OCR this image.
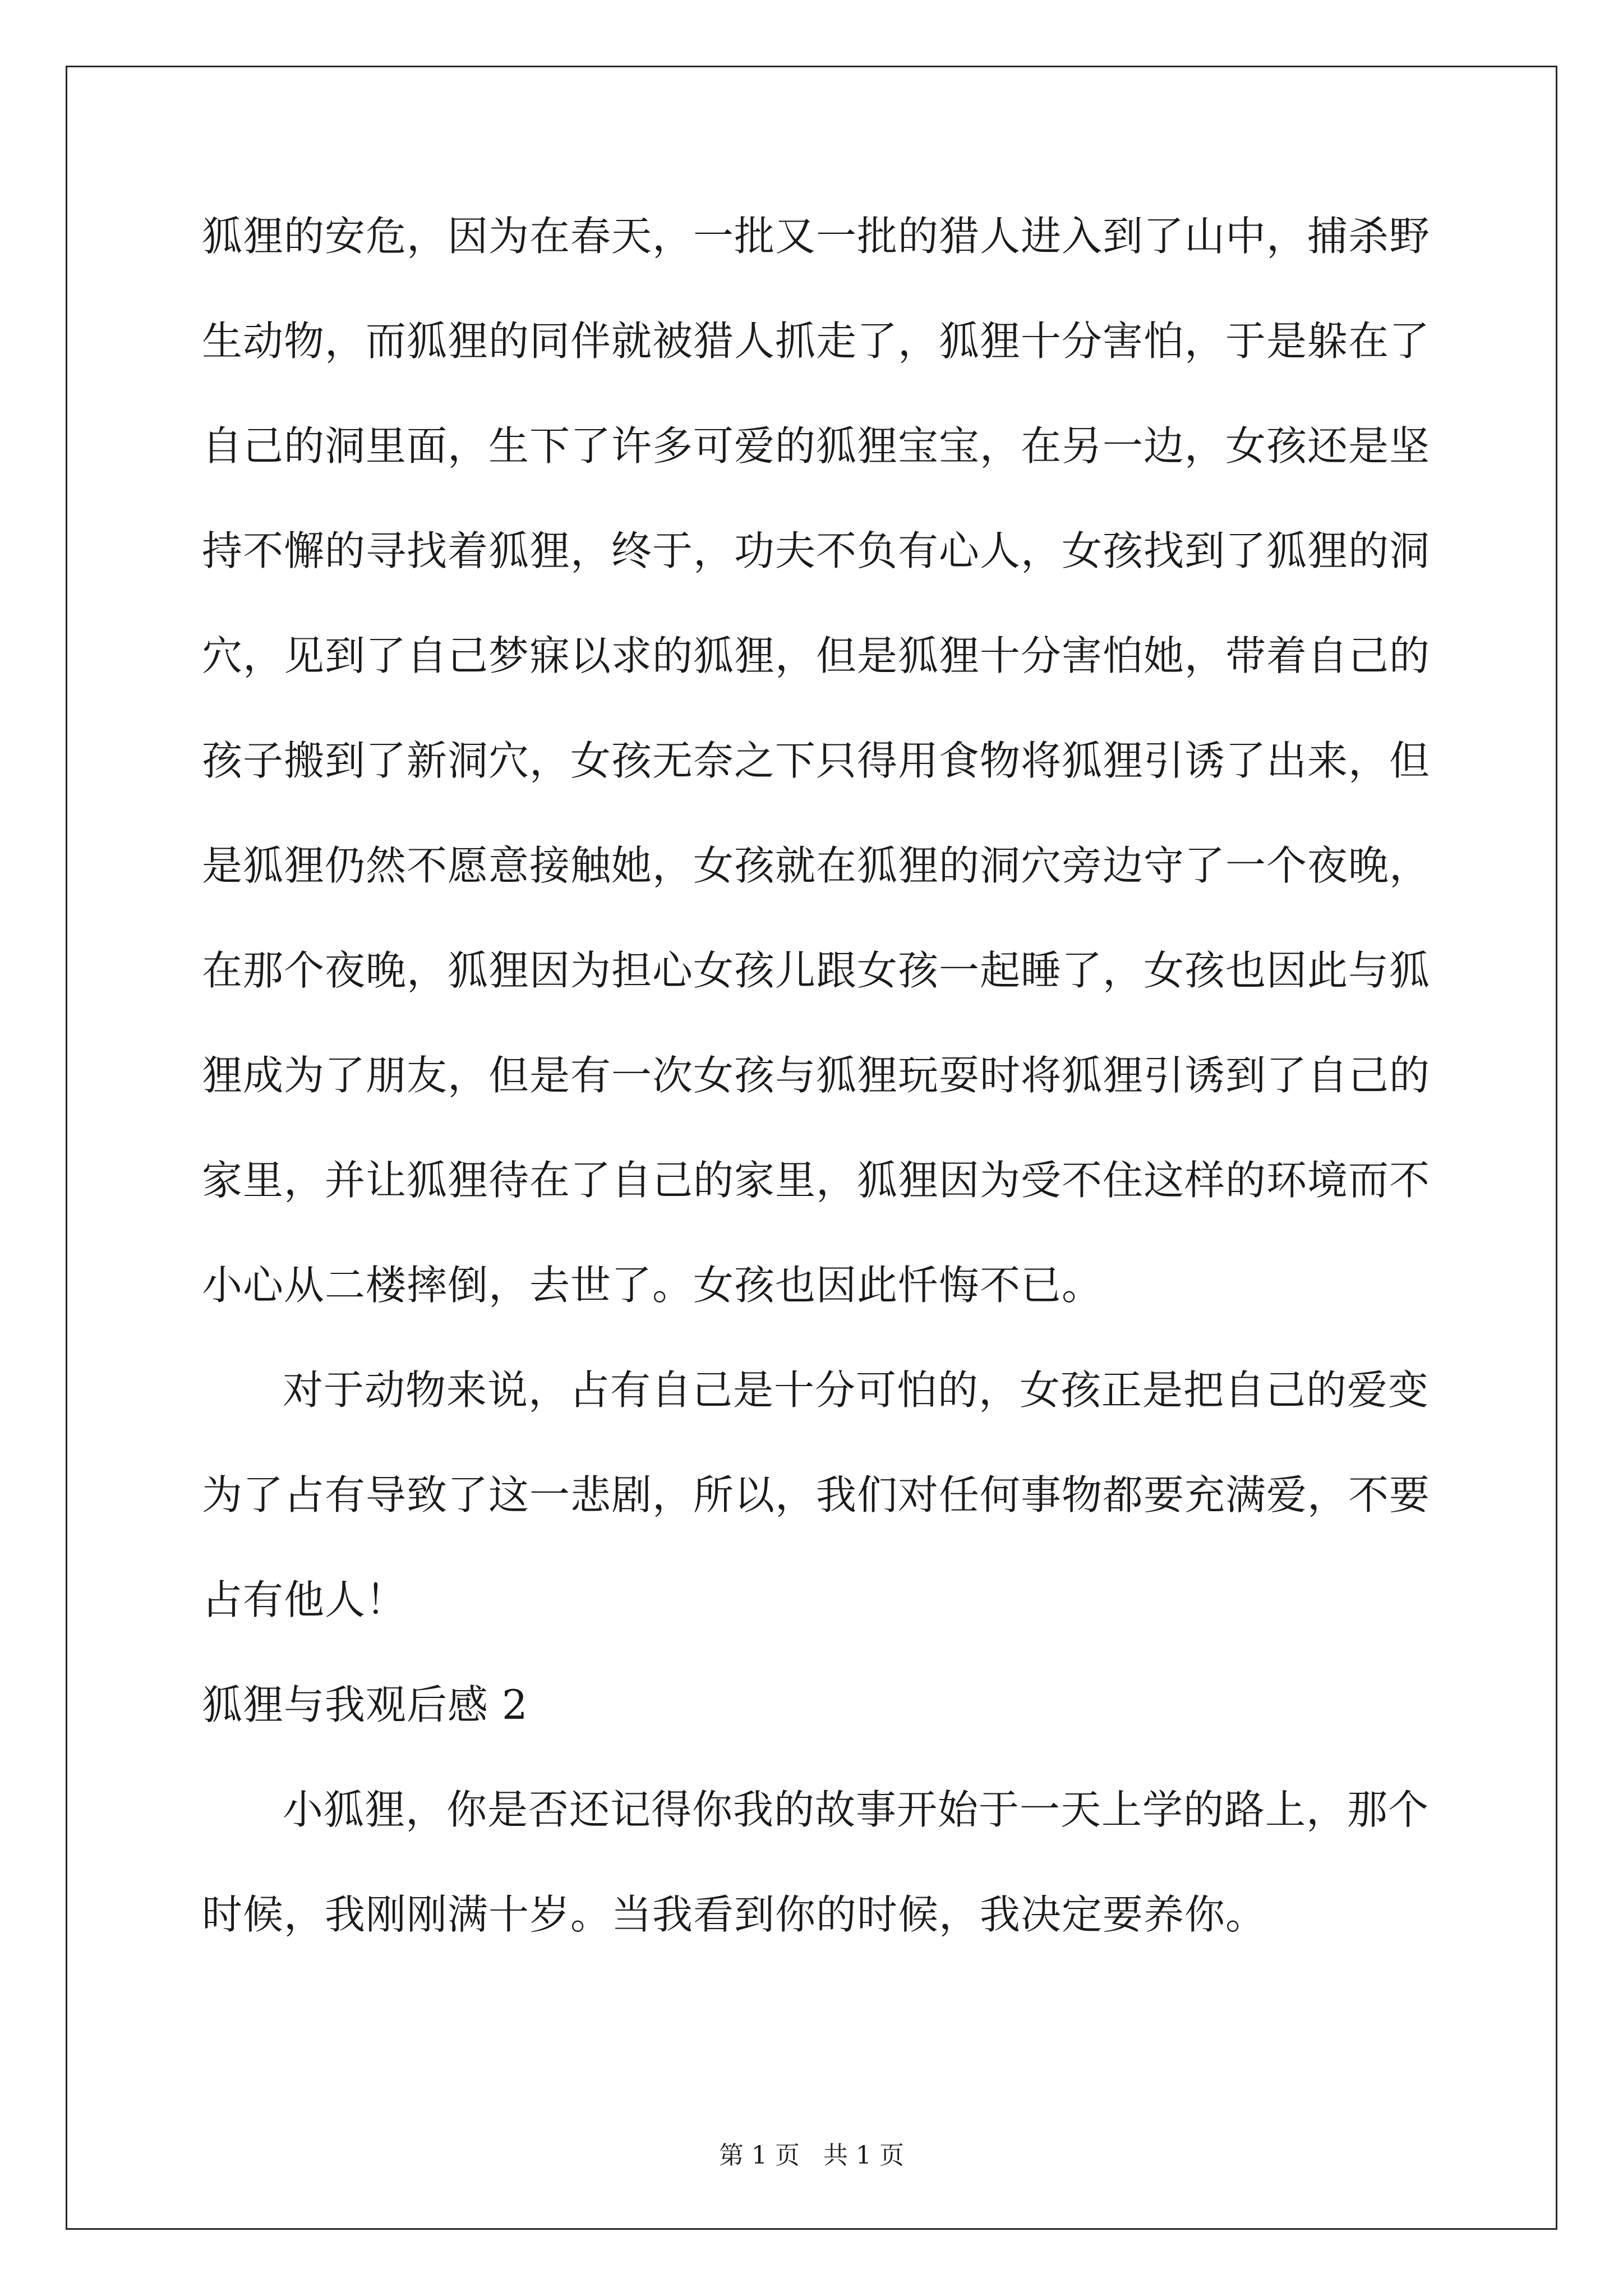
狐狸的安危，因为在春天，一批又一批的猎人进入到了山中，捕杀野
生动物，而狐狸的同伴就被猎人抓走了，狐狸十分害怕，于是躲在了
自己的洞里面，生下了许多可爱的狐狸宝宝，在另一边，女孩还是坚
持不懈的寻找着狐狸，终于，功夫不负有心人，女孩找到了狐狸的洞
穴，见到了自己梦寐以求的狐狸，但是狐狸十分害怕她，带着自己的
孩子搬到了新洞穴，女孩无奈之下只得用食物将狐狸引诱了出来，但
是狐狸仍然不愿意接触她，女孩就在狐狸的洞穴旁边守了一个夜晚，
在那个夜晚，狐狸因为担心女孩儿跟女孩一起睡了，女孩也因此与狐
狸成为了朋友，但是有一次女孩与狐狸玩耍时将狐狸引诱到了自己的
家里，并让狐狸待在了自己的家里，狐狸因为受不住这样的环境而不
小心从二楼摔倒，去世了。女孩也因此忏悔不已。
对于动物来说，占有自己是十分可怕的，女孩正是把自己的爱变
为了占有导致了这一悲剧，所以，我们对任何事物都要充满爱，不要
占有他人！
狐狸与我观后感 2
小狐狸，你是否还记得你我的故事开始于一天上学的路上，那个
时候，我刚刚满十岁。当我看到你的时候，我决定要养你。
第 1 页   共 1 页
